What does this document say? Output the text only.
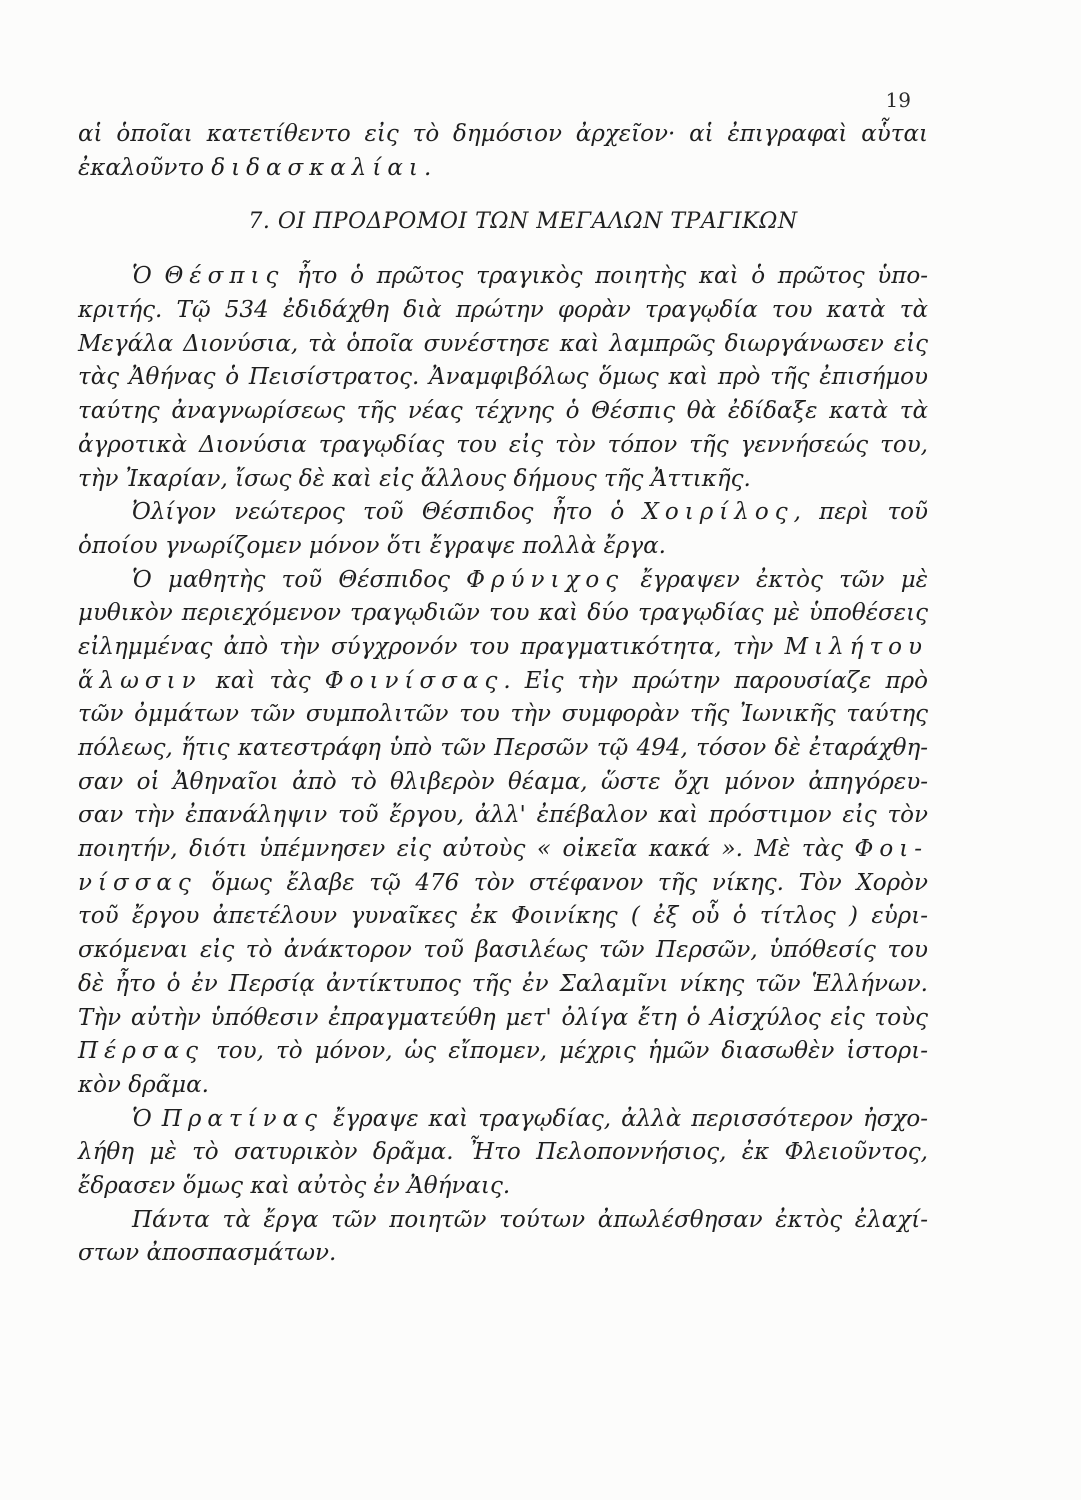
19
αἱ ὁποῖαι κατετίθεντο εἰς τὸ δημόσιον ἀρχεῖον· αἱ ἐπιγραφαὶ αὗται
ἐκαλοῦντο διδασκαλίαι.
7. ΟΙ ΠΡΟΔΡΟΜΟΙ ΤΩΝ ΜΕΓΑΛΩΝ ΤΡΑΓΙΚΩΝ
Ὁ Θέσπις ἦτο ὁ πρῶτος τραγικὸς ποιητὴς καὶ ὁ πρῶτος ὑπο-
κριτής. Τῷ 534 ἐδιδάχθη διὰ πρώτην φορὰν τραγῳδία του κατὰ τὰ
Μεγάλα Διονύσια, τὰ ὁποῖα συνέστησε καὶ λαμπρῶς διωργάνωσεν εἰς
τὰς Ἀθήνας ὁ Πεισίστρατος. Ἀναμφιβόλως ὅμως καὶ πρὸ τῆς ἐπισήμου
ταύτης ἀναγνωρίσεως τῆς νέας τέχνης ὁ Θέσπις θὰ ἐδίδαξε κατὰ τὰ
ἀγροτικὰ Διονύσια τραγῳδίας του εἰς τὸν τόπον τῆς γεννήσεώς του,
τὴν Ἰκαρίαν, ἴσως δὲ καὶ εἰς ἄλλους δήμους τῆς Ἀττικῆς.
Ὀλίγον νεώτερος τοῦ Θέσπιδος ἦτο ὁ Χοιρίλος, περὶ τοῦ
ὁποίου γνωρίζομεν μόνον ὅτι ἔγραψε πολλὰ ἔργα.
Ὁ μαθητὴς τοῦ Θέσπιδος Φρύνιχος ἔγραψεν ἐκτὸς τῶν μὲ
μυθικὸν περιεχόμενον τραγῳδιῶν του καὶ δύο τραγῳδίας μὲ ὑποθέσεις
εἰλημμένας ἀπὸ τὴν σύγχρονόν του πραγματικότητα, τὴν Μιλήτου
ἅλωσιν καὶ τὰς Φοινίσσας. Εἰς τὴν πρώτην παρουσίαζε πρὸ
τῶν ὀμμάτων τῶν συμπολιτῶν του τὴν συμφορὰν τῆς Ἰωνικῆς ταύτης
πόλεως, ἥτις κατεστράφη ὑπὸ τῶν Περσῶν τῷ 494, τόσον δὲ ἐταράχθη-
σαν οἱ Ἀθηναῖοι ἀπὸ τὸ θλιβερὸν θέαμα, ὥστε ὄχι μόνον ἀπηγόρευ-
σαν τὴν ἐπανάληψιν τοῦ ἔργου, ἀλλ' ἐπέβαλον καὶ πρόστιμον εἰς τὸν
ποιητήν, διότι ὑπέμνησεν εἰς αὐτοὺς « οἰκεῖα κακά ». Μὲ τὰς Φοι-
νίσσας ὅμως ἔλαβε τῷ 476 τὸν στέφανον τῆς νίκης. Τὸν Χορὸν
τοῦ ἔργου ἀπετέλουν γυναῖκες ἐκ Φοινίκης ( ἐξ οὗ ὁ τίτλος ) εὑρι-
σκόμεναι εἰς τὸ ἀνάκτορον τοῦ βασιλέως τῶν Περσῶν, ὑπόθεσίς του
δὲ ἦτο ὁ ἐν Περσίᾳ ἀντίκτυπος τῆς ἐν Σαλαμῖνι νίκης τῶν Ἑλλήνων.
Τὴν αὐτὴν ὑπόθεσιν ἐπραγματεύθη μετ' ὀλίγα ἔτη ὁ Αἰσχύλος εἰς τοὺς
Πέρσας του, τὸ μόνον, ὡς εἴπομεν, μέχρις ἡμῶν διασωθὲν ἱστορι-
κὸν δρᾶμα.
Ὁ Πρατίνας ἔγραψε καὶ τραγῳδίας, ἀλλὰ περισσότερον ἠσχο-
λήθη μὲ τὸ σατυρικὸν δρᾶμα. Ἦτο Πελοποννήσιος, ἐκ Φλειοῦντος,
ἔδρασεν ὅμως καὶ αὐτὸς ἐν Ἀθήναις.
Πάντα τὰ ἔργα τῶν ποιητῶν τούτων ἀπωλέσθησαν ἐκτὸς ἐλαχί-
στων ἀποσπασμάτων.
